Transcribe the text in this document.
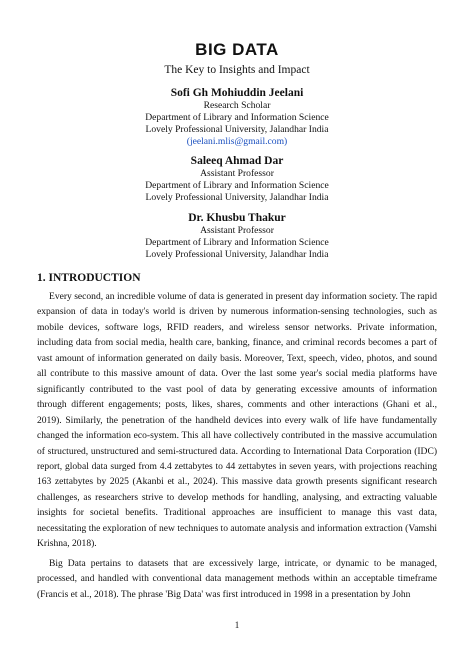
BIG DATA
The Key to Insights and Impact
Sofi Gh Mohiuddin Jeelani
Research Scholar
Department of Library and Information Science
Lovely Professional University, Jalandhar India
(jeelani.mlis@gmail.com)
Saleeq Ahmad Dar
Assistant Professor
Department of Library and Information Science
Lovely Professional University, Jalandhar India
Dr. Khusbu Thakur
Assistant Professor
Department of Library and Information Science
Lovely Professional University, Jalandhar India
1. INTRODUCTION

Every second, an incredible volume of data is generated in present day information society. The rapid expansion of data in today's world is driven by numerous information-sensing technologies, such as mobile devices, software logs, RFID readers, and wireless sensor networks. Private information, including data from social media, health care, banking, finance, and criminal records becomes a part of vast amount of information generated on daily basis. Moreover, Text, speech, video, photos, and sound all contribute to this massive amount of data. Over the last some year's social media platforms have significantly contributed to the vast pool of data by generating excessive amounts of information through different engagements; posts, likes, shares, comments and other interactions (Ghani et al., 2019). Similarly, the penetration of the handheld devices into every walk of life have fundamentally changed the information eco-system. This all have collectively contributed in the massive accumulation of structured, unstructured and semi-structured data. According to International Data Corporation (IDC) report, global data surged from 4.4 zettabytes to 44 zettabytes in seven years, with projections reaching 163 zettabytes by 2025 (Akanbi et al., 2024). This massive data growth presents significant research challenges, as researchers strive to develop methods for handling, analysing, and extracting valuable insights for societal benefits. Traditional approaches are insufficient to manage this vast data, necessitating the exploration of new techniques to automate analysis and information extraction (Vamshi Krishna, 2018).

Big Data pertains to datasets that are excessively large, intricate, or dynamic to be managed, processed, and handled with conventional data management methods within an acceptable timeframe (Francis et al., 2018). The phrase 'Big Data' was first introduced in 1998 in a presentation by John

1
